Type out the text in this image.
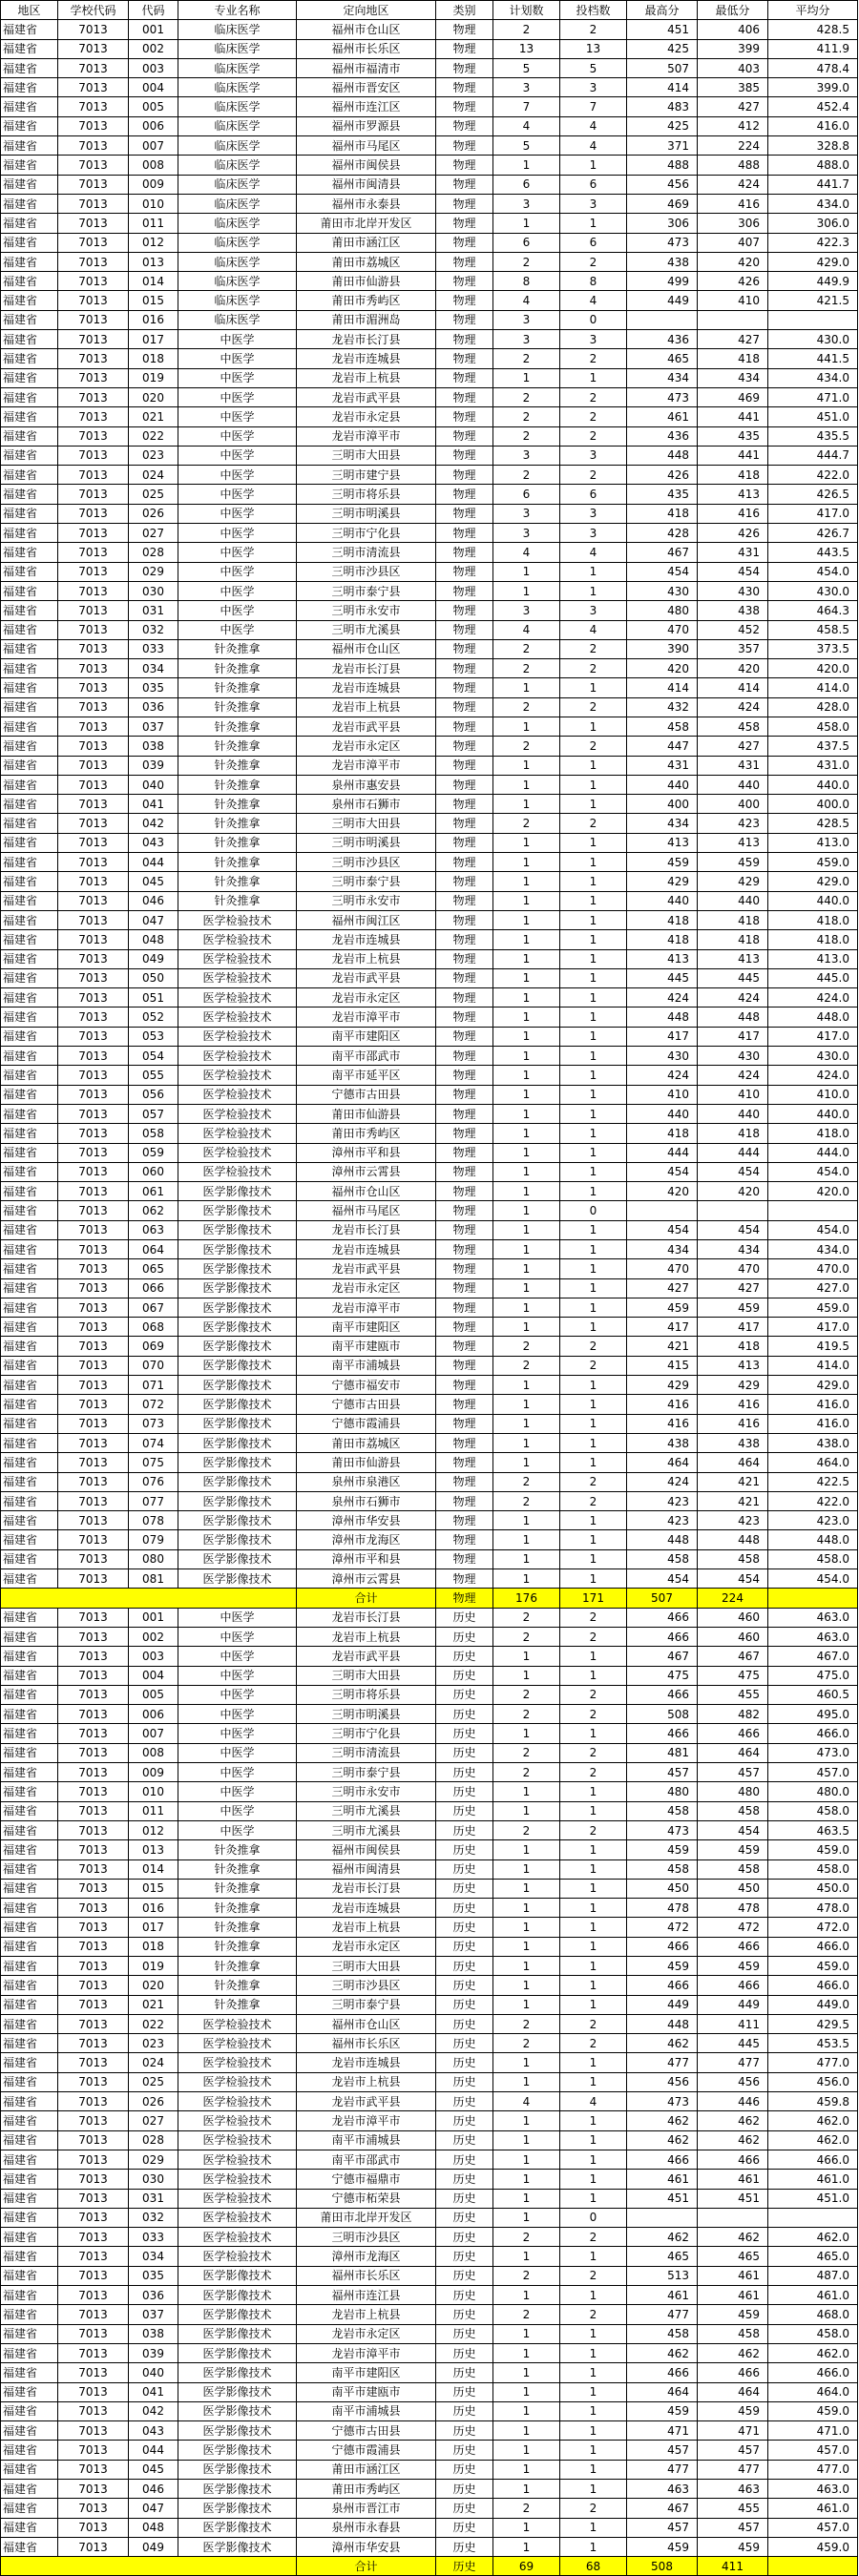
地区	学校代码	代码	专业名称	定向地区	类别	计划数	投档数	最高分	最低分	平均分
福建省	7013	001	临床医学	福州市仓山区	物理	2	2	451	406	428.5
福建省	7013	002	临床医学	福州市长乐区	物理	13	13	425	399	411.9
福建省	7013	003	临床医学	福州市福清市	物理	5	5	507	403	478.4
福建省	7013	004	临床医学	福州市晋安区	物理	3	3	414	385	399.0
福建省	7013	005	临床医学	福州市连江区	物理	7	7	483	427	452.4
福建省	7013	006	临床医学	福州市罗源县	物理	4	4	425	412	416.0
福建省	7013	007	临床医学	福州市马尾区	物理	5	4	371	224	328.8
福建省	7013	008	临床医学	福州市闽侯县	物理	1	1	488	488	488.0
福建省	7013	009	临床医学	福州市闽清县	物理	6	6	456	424	441.7
福建省	7013	010	临床医学	福州市永泰县	物理	3	3	469	416	434.0
福建省	7013	011	临床医学	莆田市北岸开发区	物理	1	1	306	306	306.0
福建省	7013	012	临床医学	莆田市涵江区	物理	6	6	473	407	422.3
福建省	7013	013	临床医学	莆田市荔城区	物理	2	2	438	420	429.0
福建省	7013	014	临床医学	莆田市仙游县	物理	8	8	499	426	449.9
福建省	7013	015	临床医学	莆田市秀屿区	物理	4	4	449	410	421.5
福建省	7013	016	临床医学	莆田市湄洲岛	物理	3	0			
福建省	7013	017	中医学	龙岩市长汀县	物理	3	3	436	427	430.0
福建省	7013	018	中医学	龙岩市连城县	物理	2	2	465	418	441.5
福建省	7013	019	中医学	龙岩市上杭县	物理	1	1	434	434	434.0
福建省	7013	020	中医学	龙岩市武平县	物理	2	2	473	469	471.0
福建省	7013	021	中医学	龙岩市永定县	物理	2	2	461	441	451.0
福建省	7013	022	中医学	龙岩市漳平市	物理	2	2	436	435	435.5
福建省	7013	023	中医学	三明市大田县	物理	3	3	448	441	444.7
福建省	7013	024	中医学	三明市建宁县	物理	2	2	426	418	422.0
福建省	7013	025	中医学	三明市将乐县	物理	6	6	435	413	426.5
福建省	7013	026	中医学	三明市明溪县	物理	3	3	418	416	417.0
福建省	7013	027	中医学	三明市宁化县	物理	3	3	428	426	426.7
福建省	7013	028	中医学	三明市清流县	物理	4	4	467	431	443.5
福建省	7013	029	中医学	三明市沙县区	物理	1	1	454	454	454.0
福建省	7013	030	中医学	三明市泰宁县	物理	1	1	430	430	430.0
福建省	7013	031	中医学	三明市永安市	物理	3	3	480	438	464.3
福建省	7013	032	中医学	三明市尤溪县	物理	4	4	470	452	458.5
福建省	7013	033	针灸推拿	福州市仓山区	物理	2	2	390	357	373.5
福建省	7013	034	针灸推拿	龙岩市长汀县	物理	2	2	420	420	420.0
福建省	7013	035	针灸推拿	龙岩市连城县	物理	1	1	414	414	414.0
福建省	7013	036	针灸推拿	龙岩市上杭县	物理	2	2	432	424	428.0
福建省	7013	037	针灸推拿	龙岩市武平县	物理	1	1	458	458	458.0
福建省	7013	038	针灸推拿	龙岩市永定区	物理	2	2	447	427	437.5
福建省	7013	039	针灸推拿	龙岩市漳平市	物理	1	1	431	431	431.0
福建省	7013	040	针灸推拿	泉州市惠安县	物理	1	1	440	440	440.0
福建省	7013	041	针灸推拿	泉州市石狮市	物理	1	1	400	400	400.0
福建省	7013	042	针灸推拿	三明市大田县	物理	2	2	434	423	428.5
福建省	7013	043	针灸推拿	三明市明溪县	物理	1	1	413	413	413.0
福建省	7013	044	针灸推拿	三明市沙县区	物理	1	1	459	459	459.0
福建省	7013	045	针灸推拿	三明市泰宁县	物理	1	1	429	429	429.0
福建省	7013	046	针灸推拿	三明市永安市	物理	1	1	440	440	440.0
福建省	7013	047	医学检验技术	福州市闽江区	物理	1	1	418	418	418.0
福建省	7013	048	医学检验技术	龙岩市连城县	物理	1	1	418	418	418.0
福建省	7013	049	医学检验技术	龙岩市上杭县	物理	1	1	413	413	413.0
福建省	7013	050	医学检验技术	龙岩市武平县	物理	1	1	445	445	445.0
福建省	7013	051	医学检验技术	龙岩市永定区	物理	1	1	424	424	424.0
福建省	7013	052	医学检验技术	龙岩市漳平市	物理	1	1	448	448	448.0
福建省	7013	053	医学检验技术	南平市建阳区	物理	1	1	417	417	417.0
福建省	7013	054	医学检验技术	南平市邵武市	物理	1	1	430	430	430.0
福建省	7013	055	医学检验技术	南平市延平区	物理	1	1	424	424	424.0
福建省	7013	056	医学检验技术	宁德市古田县	物理	1	1	410	410	410.0
福建省	7013	057	医学检验技术	莆田市仙游县	物理	1	1	440	440	440.0
福建省	7013	058	医学检验技术	莆田市秀屿区	物理	1	1	418	418	418.0
福建省	7013	059	医学检验技术	漳州市平和县	物理	1	1	444	444	444.0
福建省	7013	060	医学检验技术	漳州市云霄县	物理	1	1	454	454	454.0
福建省	7013	061	医学影像技术	福州市仓山区	物理	1	1	420	420	420.0
福建省	7013	062	医学影像技术	福州市马尾区	物理	1	0			
福建省	7013	063	医学影像技术	龙岩市长汀县	物理	1	1	454	454	454.0
福建省	7013	064	医学影像技术	龙岩市连城县	物理	1	1	434	434	434.0
福建省	7013	065	医学影像技术	龙岩市武平县	物理	1	1	470	470	470.0
福建省	7013	066	医学影像技术	龙岩市永定区	物理	1	1	427	427	427.0
福建省	7013	067	医学影像技术	龙岩市漳平市	物理	1	1	459	459	459.0
福建省	7013	068	医学影像技术	南平市建阳区	物理	1	1	417	417	417.0
福建省	7013	069	医学影像技术	南平市建瓯市	物理	2	2	421	418	419.5
福建省	7013	070	医学影像技术	南平市浦城县	物理	2	2	415	413	414.0
福建省	7013	071	医学影像技术	宁德市福安市	物理	1	1	429	429	429.0
福建省	7013	072	医学影像技术	宁德市古田县	物理	1	1	416	416	416.0
福建省	7013	073	医学影像技术	宁德市霞浦县	物理	1	1	416	416	416.0
福建省	7013	074	医学影像技术	莆田市荔城区	物理	1	1	438	438	438.0
福建省	7013	075	医学影像技术	莆田市仙游县	物理	1	1	464	464	464.0
福建省	7013	076	医学影像技术	泉州市泉港区	物理	2	2	424	421	422.5
福建省	7013	077	医学影像技术	泉州市石狮市	物理	2	2	423	421	422.0
福建省	7013	078	医学影像技术	漳州市华安县	物理	1	1	423	423	423.0
福建省	7013	079	医学影像技术	漳州市龙海区	物理	1	1	448	448	448.0
福建省	7013	080	医学影像技术	漳州市平和县	物理	1	1	458	458	458.0
福建省	7013	081	医学影像技术	漳州市云霄县	物理	1	1	454	454	454.0
				合计	物理	176	171	507	224	
福建省	7013	001	中医学	龙岩市长汀县	历史	2	2	466	460	463.0
福建省	7013	002	中医学	龙岩市上杭县	历史	2	2	466	460	463.0
福建省	7013	003	中医学	龙岩市武平县	历史	1	1	467	467	467.0
福建省	7013	004	中医学	三明市大田县	历史	1	1	475	475	475.0
福建省	7013	005	中医学	三明市将乐县	历史	2	2	466	455	460.5
福建省	7013	006	中医学	三明市明溪县	历史	2	2	508	482	495.0
福建省	7013	007	中医学	三明市宁化县	历史	1	1	466	466	466.0
福建省	7013	008	中医学	三明市清流县	历史	2	2	481	464	473.0
福建省	7013	009	中医学	三明市泰宁县	历史	2	2	457	457	457.0
福建省	7013	010	中医学	三明市永安市	历史	1	1	480	480	480.0
福建省	7013	011	中医学	三明市尤溪县	历史	1	1	458	458	458.0
福建省	7013	012	中医学	三明市尤溪县	历史	2	2	473	454	463.5
福建省	7013	013	针灸推拿	福州市闽侯县	历史	1	1	459	459	459.0
福建省	7013	014	针灸推拿	福州市闽清县	历史	1	1	458	458	458.0
福建省	7013	015	针灸推拿	龙岩市长汀县	历史	1	1	450	450	450.0
福建省	7013	016	针灸推拿	龙岩市连城县	历史	1	1	478	478	478.0
福建省	7013	017	针灸推拿	龙岩市上杭县	历史	1	1	472	472	472.0
福建省	7013	018	针灸推拿	龙岩市永定区	历史	1	1	466	466	466.0
福建省	7013	019	针灸推拿	三明市大田县	历史	1	1	459	459	459.0
福建省	7013	020	针灸推拿	三明市沙县区	历史	1	1	466	466	466.0
福建省	7013	021	针灸推拿	三明市泰宁县	历史	1	1	449	449	449.0
福建省	7013	022	医学检验技术	福州市仓山区	历史	2	2	448	411	429.5
福建省	7013	023	医学检验技术	福州市长乐区	历史	2	2	462	445	453.5
福建省	7013	024	医学检验技术	龙岩市连城县	历史	1	1	477	477	477.0
福建省	7013	025	医学检验技术	龙岩市上杭县	历史	1	1	456	456	456.0
福建省	7013	026	医学检验技术	龙岩市武平县	历史	4	4	473	446	459.8
福建省	7013	027	医学检验技术	龙岩市漳平市	历史	1	1	462	462	462.0
福建省	7013	028	医学检验技术	南平市浦城县	历史	1	1	462	462	462.0
福建省	7013	029	医学检验技术	南平市邵武市	历史	1	1	466	466	466.0
福建省	7013	030	医学检验技术	宁德市福鼎市	历史	1	1	461	461	461.0
福建省	7013	031	医学检验技术	宁德市柘荣县	历史	1	1	451	451	451.0
福建省	7013	032	医学检验技术	莆田市北岸开发区	历史	1	0			
福建省	7013	033	医学检验技术	三明市沙县区	历史	2	2	462	462	462.0
福建省	7013	034	医学检验技术	漳州市龙海区	历史	1	1	465	465	465.0
福建省	7013	035	医学影像技术	福州市长乐区	历史	2	2	513	461	487.0
福建省	7013	036	医学影像技术	福州市连江县	历史	1	1	461	461	461.0
福建省	7013	037	医学影像技术	龙岩市上杭县	历史	2	2	477	459	468.0
福建省	7013	038	医学影像技术	龙岩市永定区	历史	1	1	458	458	458.0
福建省	7013	039	医学影像技术	龙岩市漳平市	历史	1	1	462	462	462.0
福建省	7013	040	医学影像技术	南平市建阳区	历史	1	1	466	466	466.0
福建省	7013	041	医学影像技术	南平市建瓯市	历史	1	1	464	464	464.0
福建省	7013	042	医学影像技术	南平市浦城县	历史	1	1	459	459	459.0
福建省	7013	043	医学影像技术	宁德市古田县	历史	1	1	471	471	471.0
福建省	7013	044	医学影像技术	宁德市霞浦县	历史	1	1	457	457	457.0
福建省	7013	045	医学影像技术	莆田市涵江区	历史	1	1	477	477	477.0
福建省	7013	046	医学影像技术	莆田市秀屿区	历史	1	1	463	463	463.0
福建省	7013	047	医学影像技术	泉州市晋江市	历史	2	2	467	455	461.0
福建省	7013	048	医学影像技术	泉州市永春县	历史	1	1	457	457	457.0
福建省	7013	049	医学影像技术	漳州市华安县	历史	1	1	459	459	459.0
				合计	历史	69	68	508	411	
